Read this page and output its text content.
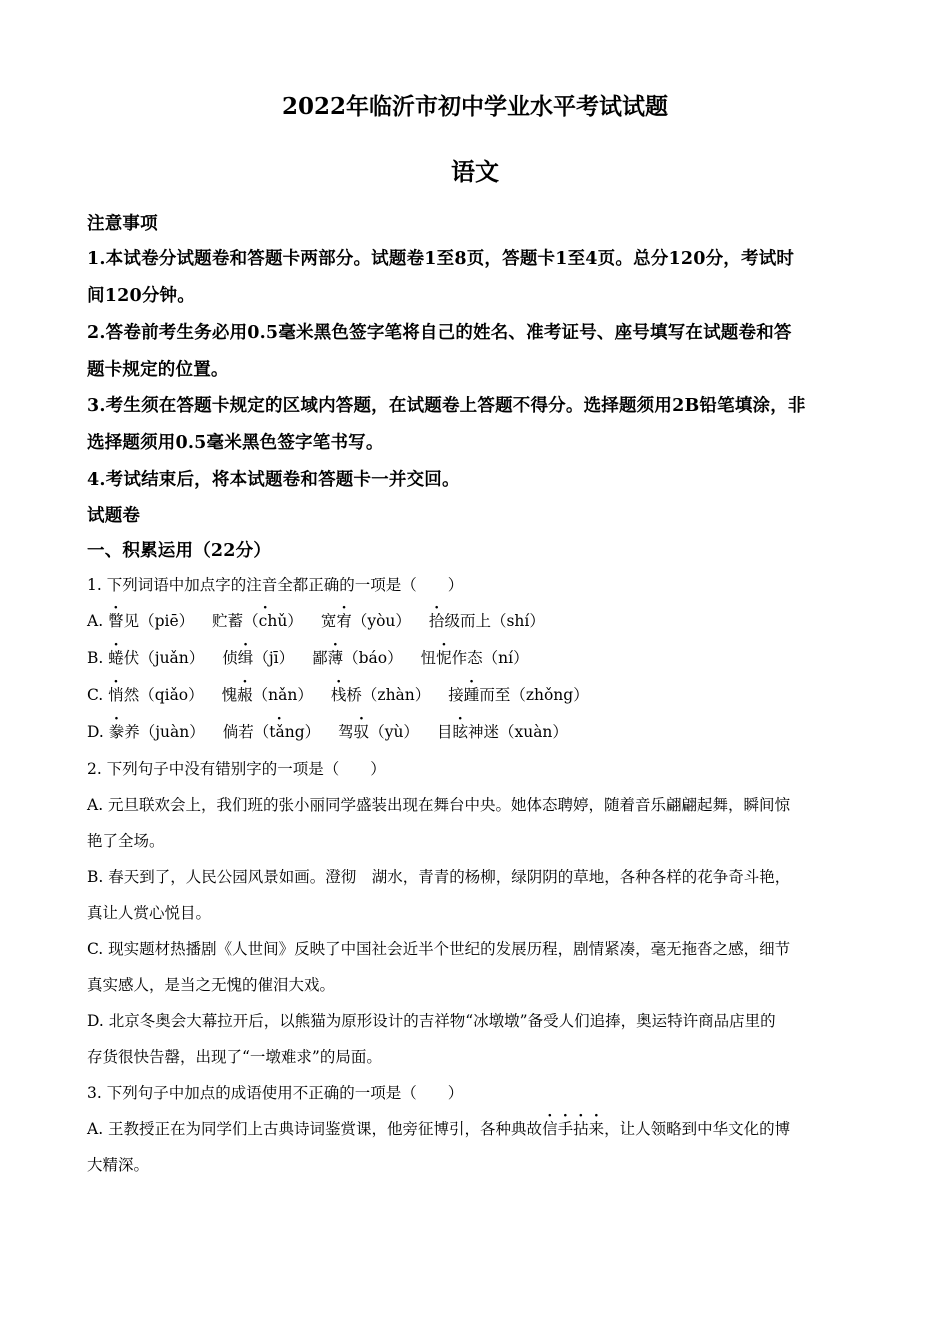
2022年临沂市初中学业水平考试试题
语文
注意事项
1.本试卷分试题卷和答题卡两部分。试题卷1至8页，答题卡1至4页。总分120分，考试时
间120分钟。
2.答卷前考生务必用0.5毫米黑色签字笔将自己的姓名、准考证号、座号填写在试题卷和答
题卡规定的位置。
3.考生须在答题卡规定的区域内答题，在试题卷上答题不得分。选择题须用2B铅笔填涂，非
选择题须用0.5毫米黑色签字笔书写。
4.考试结束后，将本试题卷和答题卡一并交回。
试题卷
一、积累运用（22分）
1. 下列词语中加点字的注音全都正确的一项是（　　）
A. 瞥见（piē） 贮· 蓄（chǔ） 宽宥（yòu） 拾级而上（shí）
B. 蜷伏（juǎn） 侦缉（jī） 鄙薄（báo） 忸怩作态（ní）
C. 悄然（qiǎo） 愧赧（nǎn） 栈桥（zhàn） 接踵而至（zhǒng）
D. 豢养（juàn） 倘· 若（tǎng） 驾驭（yù） 目眩神迷（xuàn）
2. 下列句子中没有错别字的一项是（　　）
A. 元旦联欢会上，我们班的张小丽同学盛装出现在舞台中央。她体态聘婷，随着音乐翩翩起舞，瞬间惊
艳了全场。
B. 春天到了，人民公园风景如画。澄彻　湖水，青青的杨柳，绿阴阴的草地，各种各样的花争奇斗艳，
真让人赏心悦目。
C. 现实题材热播剧《人世间》反映了中国社会近半个世纪的发展历程，剧情紧凑，毫无拖沓之感，细节
真实感人，是当之无愧的催泪大戏。
D. 北京冬奥会大幕拉开后，以熊猫为原形设计的吉祥物“冰墩墩”备受人们追捧，奥运特许商品店里的
存货很快告罄，出现了“一墩难求”的局面。
3. 下列句子中加点的成语使用不正确的一项是（　　）
A. 王教授正在为同学们上古典诗词鉴赏课，他旁征博引，各种典故信手拈来，让人领略到中华文化的博
大精深。
